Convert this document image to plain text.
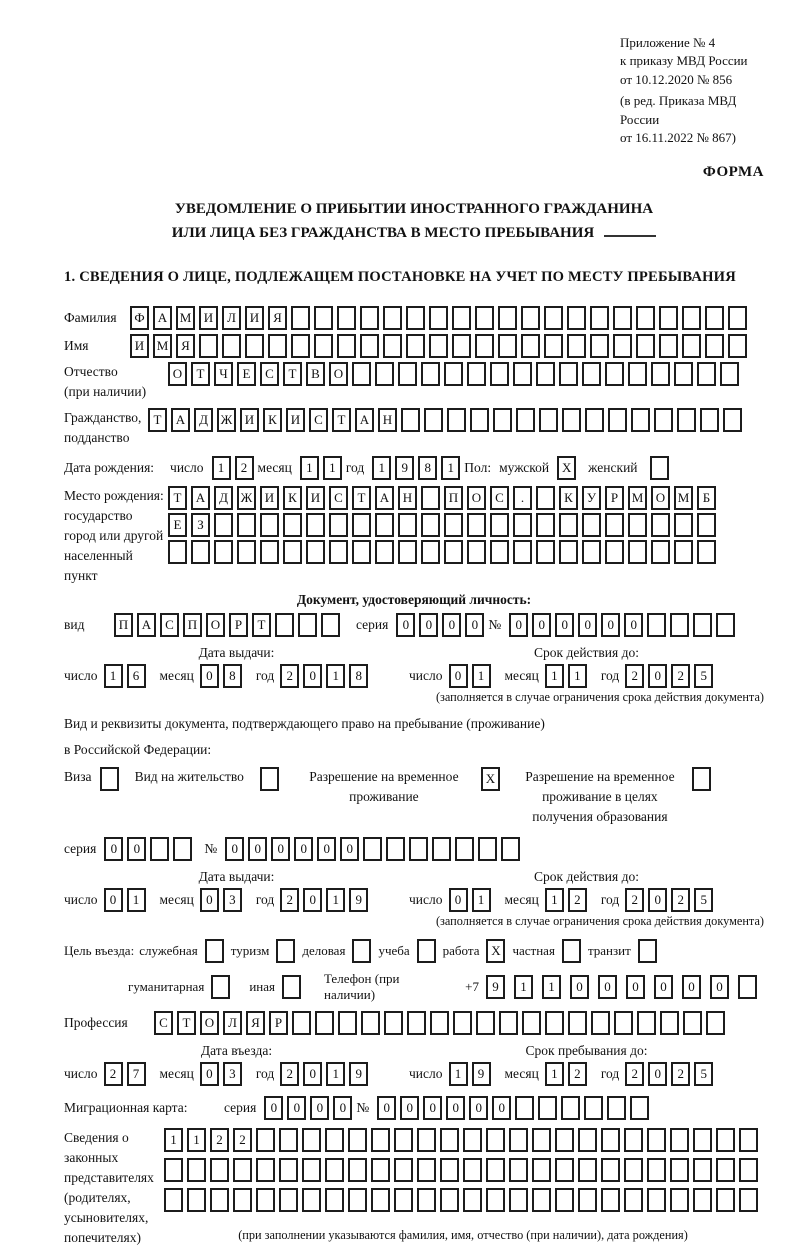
Приложение № 4
к приказу МВД России
от 10.12.2020 № 856
(в ред. Приказа МВД России
от 16.11.2022 № 867)
ФОРМА
УВЕДОМЛЕНИЕ О ПРИБЫТИИ ИНОСТРАННОГО ГРАЖДАНИНА
ИЛИ ЛИЦА БЕЗ ГРАЖДАНСТВА В МЕСТО ПРЕБЫВАНИЯ
1. СВЕДЕНИЯ О ЛИЦЕ, ПОДЛЕЖАЩЕМ ПОСТАНОВКЕ НА УЧЕТ ПО МЕСТУ ПРЕБЫВАНИЯ
Фамилия	Ф	А М И	Л	И	Я
Имя	И М Я
Отчество
(при наличии)
О	Т	Ч	Е	С	Т	В	О
Гражданство,
подданство
Т	А	Д Ж И	К	И	С	Т	А	Н
Дата рождения: число	1	2 месяц	1	1 год	1	9	8	1 Пол: мужской X	женский
Место рождения:
государство
город или другой
населенный пункт
Т	А	Д Ж И	К	И	С	Т	А	Н	П	О	С	.	К	У	Р	М О М	Б
Е	З
Документ, удостоверяющий личность:
вид	П	А	С	П	О	Р	Т	серия	0	0	0	0 №	0	0	0	0	0	0
Дата выдачи:
число 1	6	месяц 0	8	год 2	0	1	8
Срок действия до:
число 0	1	месяц 1	1	год 2	0	2	5
(заполняется в случае ограничения срока действия документа)
Вид и реквизиты документа, подтверждающего право на пребывание (проживание)
в Российской Федерации:
Виза	Вид на жительство	Разрешение на временное проживание
X	Разрешение на временное проживание в целях получения образования
серия	0	0	№	0	0	0	0	0	0
Дата выдачи:
число 0	1	месяц 0	3	год 2	0	1	9
Срок действия до:
число 0	1	месяц 1	2	год 2	0	2	5
(заполняется в случае ограничения срока действия документа)
Цель въезда: служебная	туризм	деловая	учеба	работа X частная	транзит
гуманитарная	иная
Телефон (при наличии)
+7	9	1	1	0	0	0	0	0	0
Профессия	С	Т	О	Л	Я	Р
Дата въезда:
число 2	7	месяц 0	3	год 2	0	1	9
Срок пребывания до:
число 1	9	месяц 1	2	год 2	0	2	5
Миграционная карта:	серия	0	0	0	0 №	0	0	0	0	0	0
Сведения о
законных
представителях
(родителях,
усыновителях,
попечителях)
1	1	2	2
(при заполнении указываются фамилия, имя, отчество (при наличии), дата рождения)
